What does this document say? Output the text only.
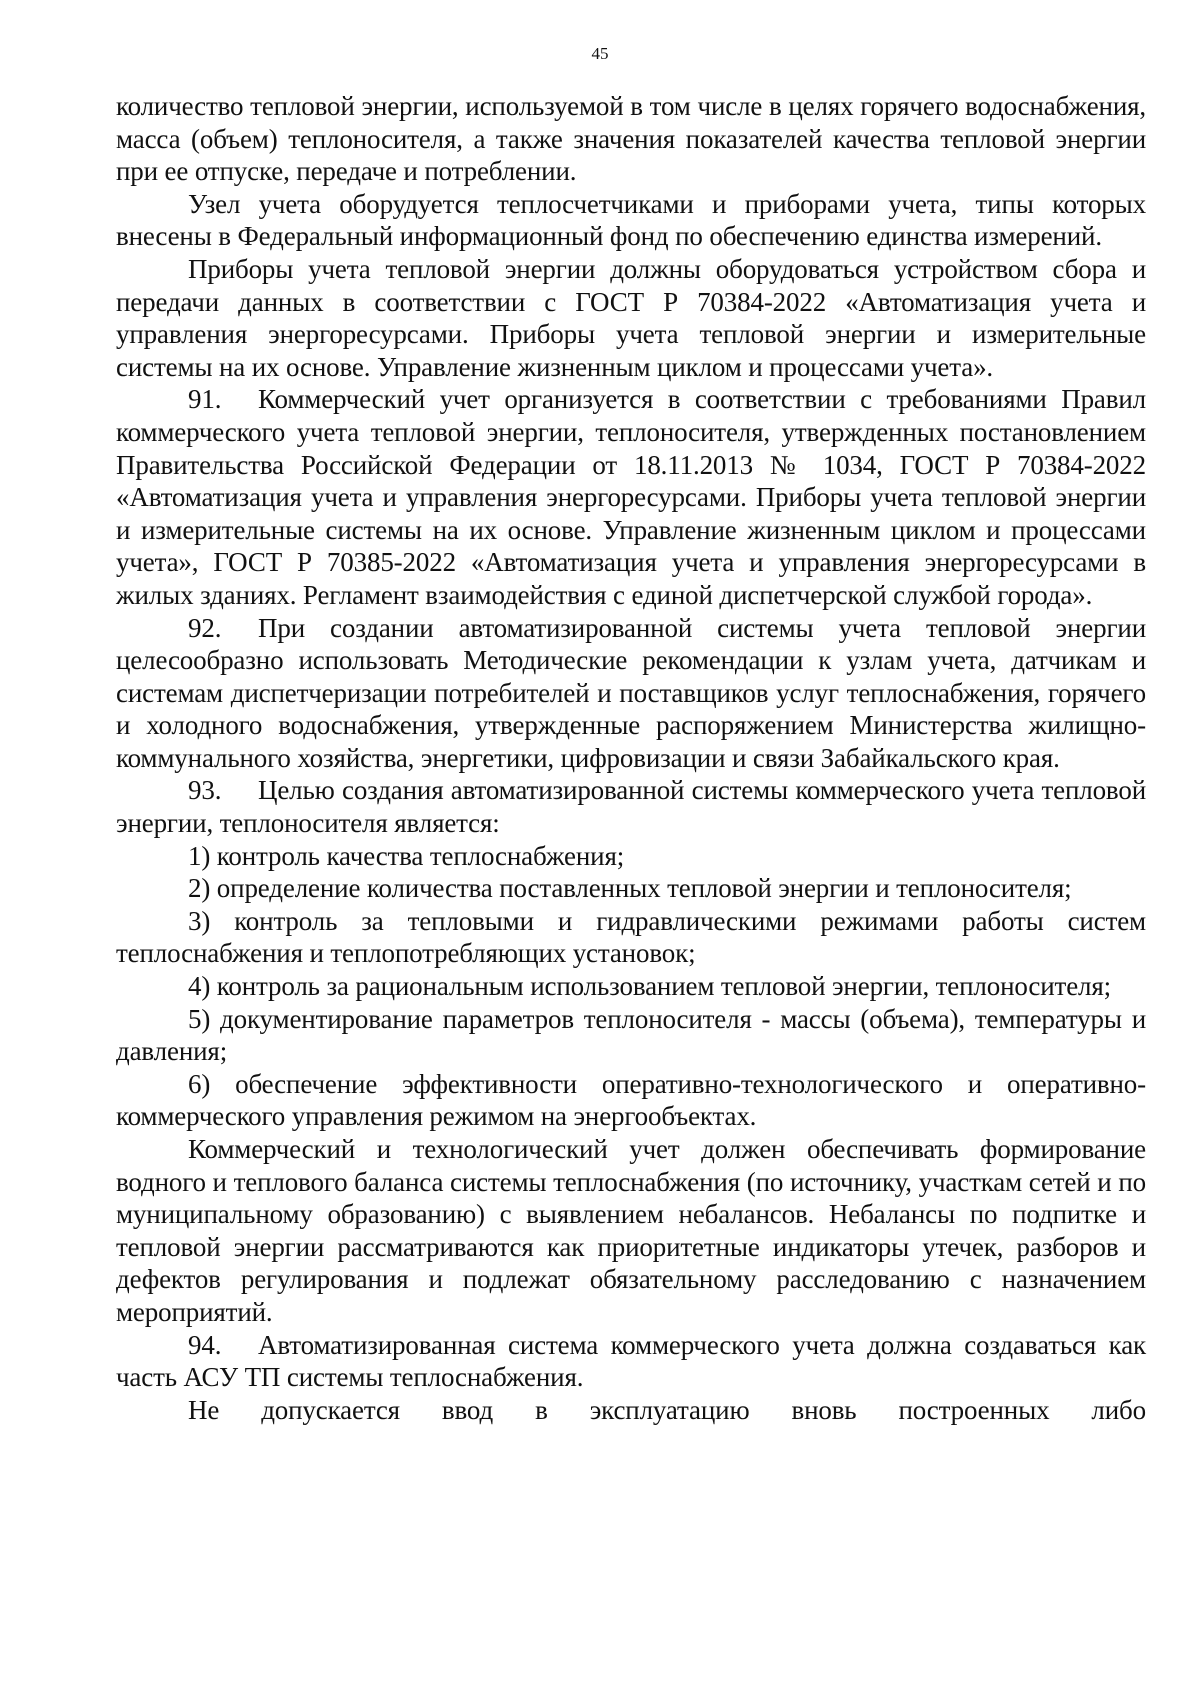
45

количество тепловой энергии, используемой в том числе в целях горячего водоснабжения, масса (объем) теплоносителя, а также значения показателей качества тепловой энергии при ее отпуске, передаче и потреблении.

Узел учета оборудуется теплосчетчиками и приборами учета, типы которых внесены в Федеральный информационный фонд по обеспечению единства измерений.

Приборы учета тепловой энергии должны оборудоваться устройством сбора и передачи данных в соответствии с ГОСТ Р 70384-2022 «Автоматизация учета и управления энергоресурсами. Приборы учета тепловой энергии и измерительные системы на их основе. Управление жизненным циклом и процессами учета».

91. Коммерческий учет организуется в соответствии с требованиями Правил коммерческого учета тепловой энергии, теплоносителя, утвержденных постановлением Правительства Российской Федерации от 18.11.2013 № 1034, ГОСТ Р 70384-2022 «Автоматизация учета и управления энергоресурсами. Приборы учета тепловой энергии и измерительные системы на их основе. Управление жизненным циклом и процессами учета», ГОСТ Р 70385-2022 «Автоматизация учета и управления энергоресурсами в жилых зданиях. Регламент взаимодействия с единой диспетчерской службой города».

92. При создании автоматизированной системы учета тепловой энергии целесообразно использовать Методические рекомендации к узлам учета, датчикам и системам диспетчеризации потребителей и поставщиков услуг теплоснабжения, горячего и холодного водоснабжения, утвержденные распоряжением Министерства жилищно-коммунального хозяйства, энергетики, цифровизации и связи Забайкальского края.

93. Целью создания автоматизированной системы коммерческого учета тепловой энергии, теплоносителя является:

1) контроль качества теплоснабжения;

2) определение количества поставленных тепловой энергии и теплоносителя;

3) контроль за тепловыми и гидравлическими режимами работы систем теплоснабжения и теплопотребляющих установок;

4) контроль за рациональным использованием тепловой энергии, теплоносителя;

5) документирование параметров теплоносителя - массы (объема), температуры и давления;

6) обеспечение эффективности оперативно-технологического и оперативно-коммерческого управления режимом на энергообъектах.

Коммерческий и технологический учет должен обеспечивать формирование водного и теплового баланса системы теплоснабжения (по источнику, участкам сетей и по муниципальному образованию) с выявлением небалансов. Небалансы по подпитке и тепловой энергии рассматриваются как приоритетные индикаторы утечек, разборов и дефектов регулирования и подлежат обязательному расследованию с назначением мероприятий.

94. Автоматизированная система коммерческого учета должна создаваться как часть АСУ ТП системы теплоснабжения.

Не допускается ввод в эксплуатацию вновь построенных либо
